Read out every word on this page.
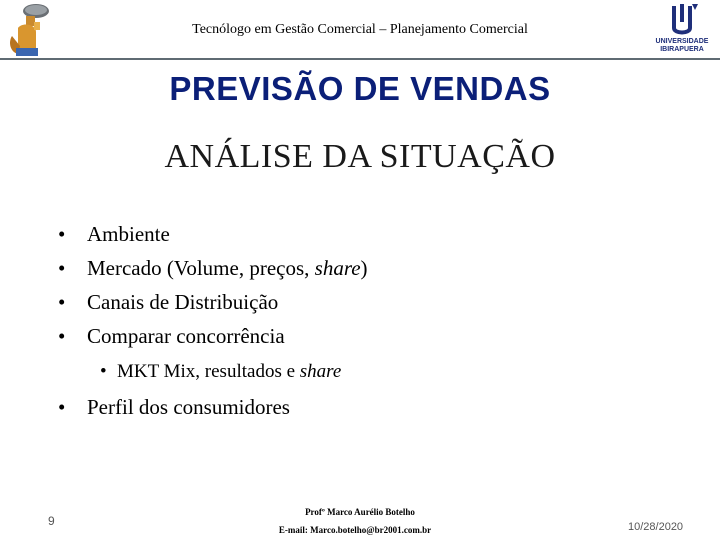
Tecnólogo em Gestão Comercial – Planejamento Comercial
UNIVERSIDADE
IBIRAPUERA
PREVISÃO DE VENDAS
ANÁLISE DA SITUAÇÃO
• Ambiente
• Mercado (Volume, preços, share)
• Canais de Distribuição
• Comparar concorrência
• MKT Mix, resultados e share
• Perfil dos consumidores
9
Profº Marco Aurélio Botelho
E-mail: Marco.botelho@br2001.com.br	10/28/2020
